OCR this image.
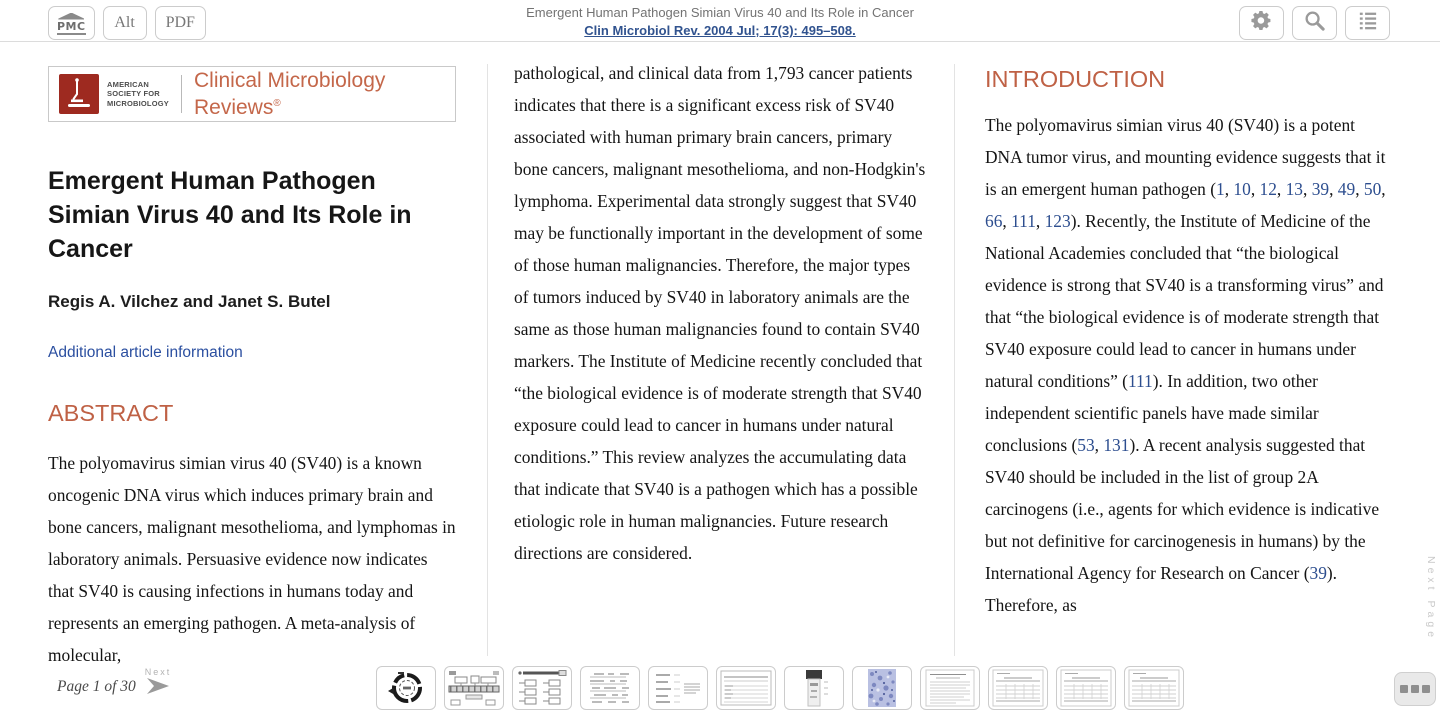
PMC Alt PDF
Emergent Human Pathogen Simian Virus 40 and Its Role in Cancer
Clin Microbiol Rev. 2004 Jul; 17(3): 495–508.
AMERICAN
SOCIETY FOR
MICROBIOLOGY
Clinical Microbiology
Reviews®
Emergent Human Pathogen Simian Virus 40 and Its Role in Cancer
Regis A. Vilchez and Janet S. Butel
Additional article information
ABSTRACT

The polyomavirus simian virus 40 (SV40) is a known oncogenic DNA virus which induces primary brain and bone cancers, malignant mesothelioma, and lymphomas in laboratory animals. Persuasive evidence now indicates that SV40 is causing infections in humans today and represents an emerging pathogen. A meta-analysis of molecular,

pathological, and clinical data from 1,793 cancer patients indicates that there is a significant excess risk of SV40 associated with human primary brain cancers, primary bone cancers, malignant mesothelioma, and non-Hodgkin's lymphoma. Experimental data strongly suggest that SV40 may be functionally important in the development of some of those human malignancies. Therefore, the major types of tumors induced by SV40 in laboratory animals are the same as those human malignancies found to contain SV40 markers. The Institute of Medicine recently concluded that “the biological evidence is of moderate strength that SV40 exposure could lead to cancer in humans under natural conditions.” This review analyzes the accumulating data that indicate that SV40 is a pathogen which has a possible etiologic role in human malignancies. Future research directions are considered.

INTRODUCTION

The polyomavirus simian virus 40 (SV40) is a potent DNA tumor virus, and mounting evidence suggests that it is an emergent human pathogen (1, 10, 12, 13, 39, 49, 50, 66, 111, 123). Recently, the Institute of Medicine of the National Academies concluded that “the biological evidence is strong that SV40 is a transforming virus” and that “the biological evidence is of moderate strength that SV40 exposure could lead to cancer in humans under natural conditions” (111). In addition, two other independent scientific panels have made similar conclusions (53, 131). A recent analysis suggested that SV40 should be included in the list of group 2A carcinogens (i.e., agents for which evidence is indicative but not definitive for carcinogenesis in humans) by the International Agency for Research on Cancer (39). Therefore, as

Page 1 of 30
Next
Next Page
